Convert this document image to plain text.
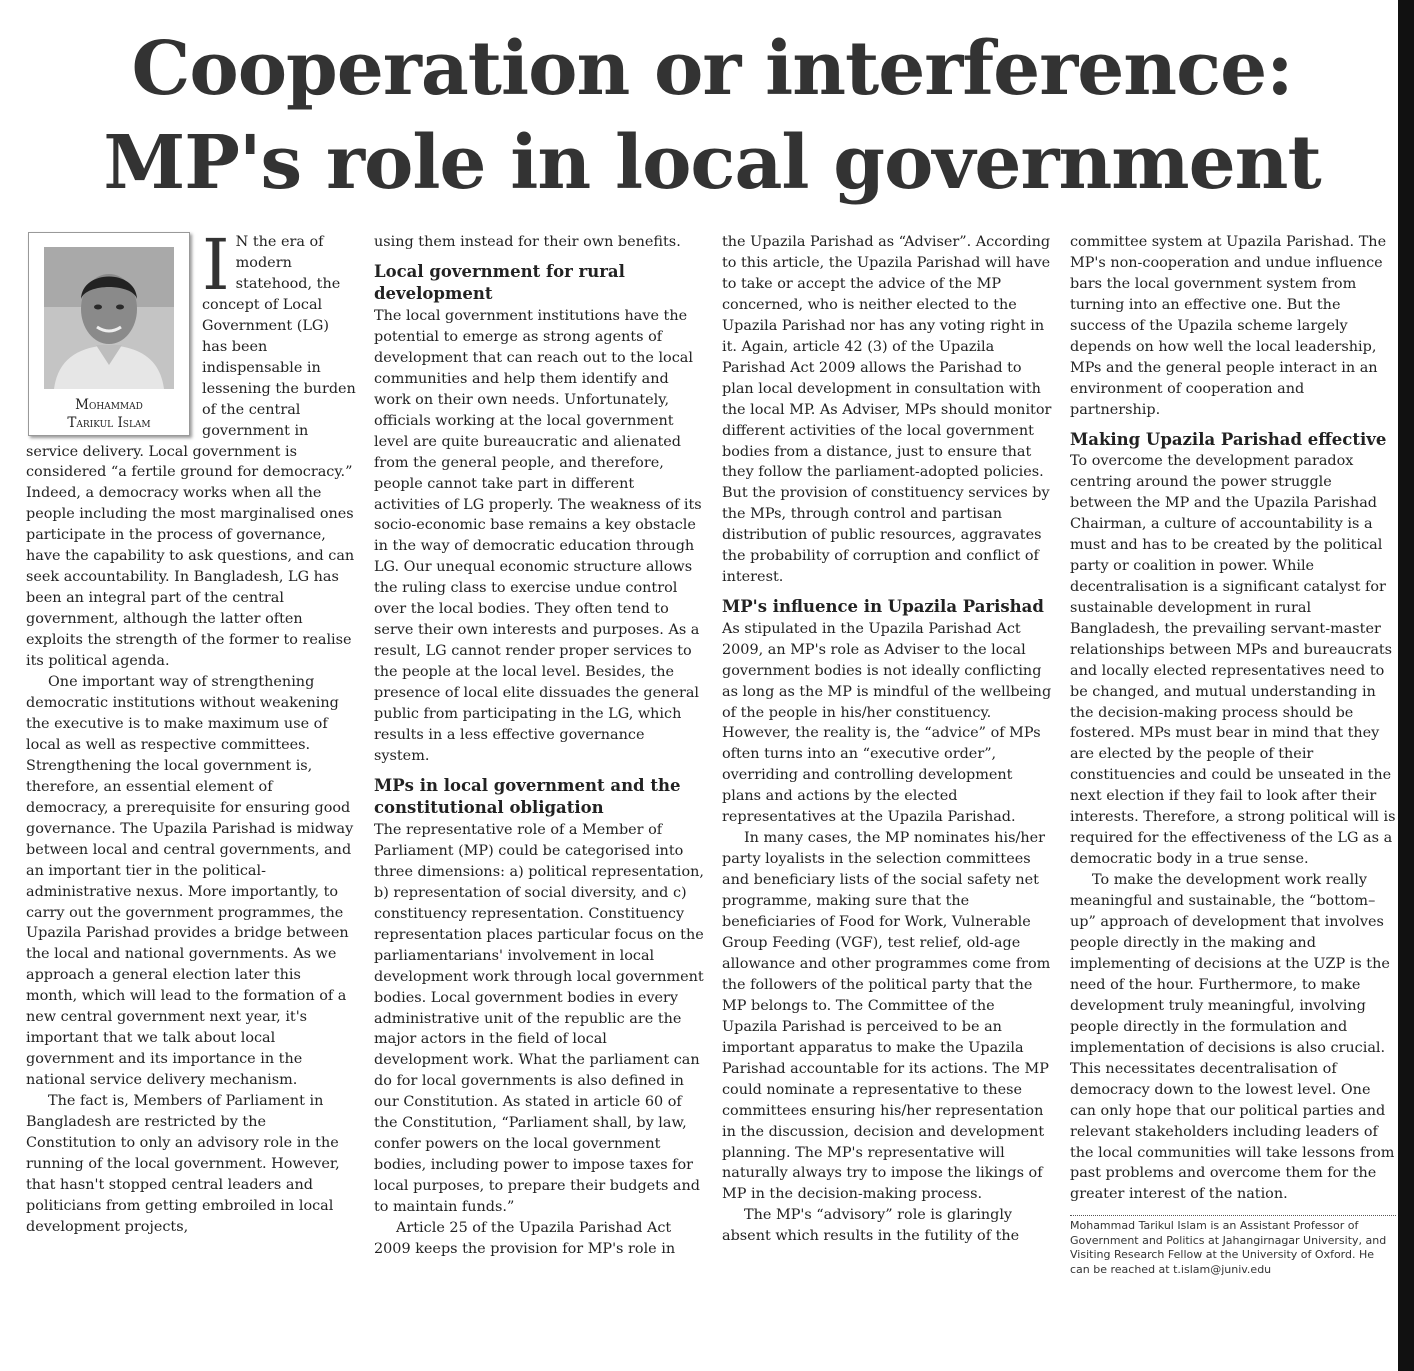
Cooperation or interference:
MP's role in local government
Mohammad
Tarikul Islam
I N the era of modern statehood, the concept of Local Government (LG) has been indispensable in lessening the burden of the central government in service delivery. Local government is considered “a fertile ground for democracy.” Indeed, a democracy works when all the people including the most marginalised ones participate in the process of governance, have the capability to ask questions, and can seek accountability. In Bangladesh, LG has been an integral part of the central government, although the latter often exploits the strength of the former to realise its political agenda.

One important way of strengthening democratic institutions without weakening the executive is to make maximum use of local as well as respective committees. Strengthening the local government is, therefore, an essential element of democracy, a prerequisite for ensuring good governance. The Upazila Parishad is midway between local and central governments, and an important tier in the political-administrative nexus. More importantly, to carry out the government programmes, the Upazila Parishad provides a bridge between the local and national governments. As we approach a general election later this month, which will lead to the formation of a new central government next year, it's important that we talk about local government and its importance in the national service delivery mechanism.

The fact is, Members of Parliament in Bangladesh are restricted by the Constitution to only an advisory role in the running of the local government. However, that hasn't stopped central leaders and politicians from getting embroiled in local development projects,

using them instead for their own benefits.

Local government for rural development

The local government institutions have the potential to emerge as strong agents of development that can reach out to the local communities and help them identify and work on their own needs. Unfortunately, officials working at the local government level are quite bureaucratic and alienated from the general people, and therefore, people cannot take part in different activities of LG properly. The weakness of its socio-economic base remains a key obstacle in the way of democratic education through LG. Our unequal economic structure allows the ruling class to exercise undue control over the local bodies. They often tend to serve their own interests and purposes. As a result, LG cannot render proper services to the people at the local level. Besides, the presence of local elite dissuades the general public from participating in the LG, which results in a less effective governance system.

MPs in local government and the constitutional obligation

The representative role of a Member of Parliament (MP) could be categorised into three dimensions: a) political representation, b) representation of social diversity, and c) constituency representation. Constituency representation places particular focus on the parliamentarians' involvement in local development work through local government bodies. Local government bodies in every administrative unit of the republic are the major actors in the field of local development work. What the parliament can do for local governments is also defined in our Constitution. As stated in article 60 of the Constitution, “Parliament shall, by law, confer powers on the local government bodies, including power to impose taxes for local purposes, to prepare their budgets and to maintain funds.”

Article 25 of the Upazila Parishad Act 2009 keeps the provision for MP's role in

the Upazila Parishad as “Adviser”. According to this article, the Upazila Parishad will have to take or accept the advice of the MP concerned, who is neither elected to the Upazila Parishad nor has any voting right in it. Again, article 42 (3) of the Upazila Parishad Act 2009 allows the Parishad to plan local development in consultation with the local MP. As Adviser, MPs should monitor different activities of the local government bodies from a distance, just to ensure that they follow the parliament-adopted policies. But the provision of constituency services by the MPs, through control and partisan distribution of public resources, aggravates the probability of corruption and conflict of interest.

MP's influence in Upazila Parishad

As stipulated in the Upazila Parishad Act 2009, an MP's role as Adviser to the local government bodies is not ideally conflicting as long as the MP is mindful of the wellbeing of the people in his/her constituency. However, the reality is, the “advice” of MPs often turns into an “executive order”, overriding and controlling development plans and actions by the elected representatives at the Upazila Parishad.

In many cases, the MP nominates his/her party loyalists in the selection committees and beneficiary lists of the social safety net programme, making sure that the beneficiaries of Food for Work, Vulnerable Group Feeding (VGF), test relief, old-age allowance and other programmes come from the followers of the political party that the MP belongs to. The Committee of the Upazila Parishad is perceived to be an important apparatus to make the Upazila Parishad accountable for its actions. The MP could nominate a representative to these committees ensuring his/her representation in the discussion, decision and development planning. The MP's representative will naturally always try to impose the likings of MP in the decision-making process.

The MP's “advisory” role is glaringly absent which results in the futility of the

committee system at Upazila Parishad. The MP's non-cooperation and undue influence bars the local government system from turning into an effective one. But the success of the Upazila scheme largely depends on how well the local leadership, MPs and the general people interact in an environment of cooperation and partnership.

Making Upazila Parishad effective

To overcome the development paradox centring around the power struggle between the MP and the Upazila Parishad Chairman, a culture of accountability is a must and has to be created by the political party or coalition in power. While decentralisation is a significant catalyst for sustainable development in rural Bangladesh, the prevailing servant-master relationships between MPs and bureaucrats and locally elected representatives need to be changed, and mutual understanding in the decision-making process should be fostered. MPs must bear in mind that they are elected by the people of their constituencies and could be unseated in the next election if they fail to look after their interests. Therefore, a strong political will is required for the effectiveness of the LG as a democratic body in a true sense.

To make the development work really meaningful and sustainable, the “bottom–up” approach of development that involves people directly in the making and implementing of decisions at the UZP is the need of the hour. Furthermore, to make development truly meaningful, involving people directly in the formulation and implementation of decisions is also crucial. This necessitates decentralisation of democracy down to the lowest level. One can only hope that our political parties and relevant stakeholders including leaders of the local communities will take lessons from past problems and overcome them for the greater interest of the nation.

Mohammad Tarikul Islam is an Assistant Professor of Government and Politics at Jahangirnagar University, and Visiting Research Fellow at the University of Oxford. He can be reached at t.islam@juniv.edu
